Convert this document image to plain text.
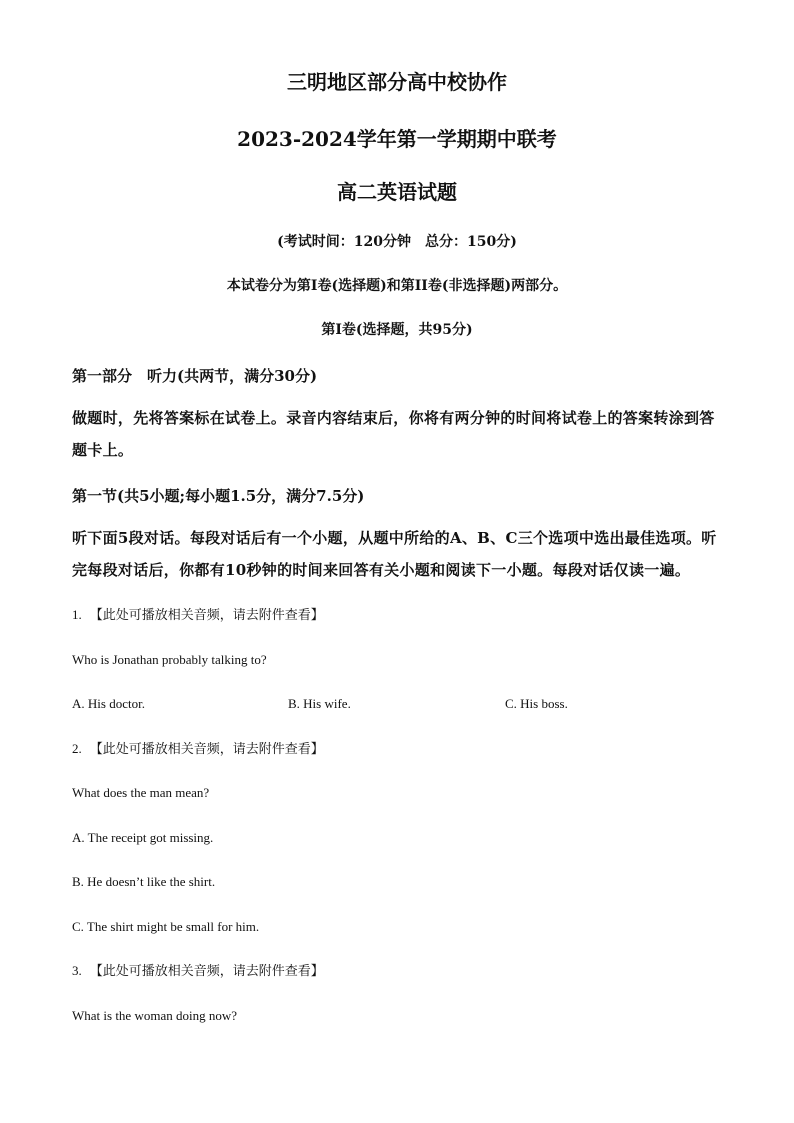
三明地区部分高中校协作
2023-2024学年第一学期期中联考
高二英语试题
(考试时间：120分钟　总分：150分)
本试卷分为第I卷(选择题)和第II卷(非选择题)两部分。
第I卷(选择题，共95分)
第一部分　听力(共两节，满分30分)
做题时，先将答案标在试卷上。录音内容结束后，你将有两分钟的时间将试卷上的答案转涂到答题卡上。
第一节(共5小题;每小题1.5分，满分7.5分)
听下面5段对话。每段对话后有一个小题，从题中所给的A、B、C三个选项中选出最佳选项。听完每段对话后，你都有10秒钟的时间来回答有关小题和阅读下一小题。每段对话仅读一遍。
1. 【此处可播放相关音频，请去附件查看】
Who is Jonathan probably talking to?
A. His doctor.	B. His wife.	C. His boss.
2. 【此处可播放相关音频，请去附件查看】
What does the man mean?
A. The receipt got missing.
B. He doesn’t like the shirt.
C. The shirt might be small for him.
3. 【此处可播放相关音频，请去附件查看】
What is the woman doing now?
